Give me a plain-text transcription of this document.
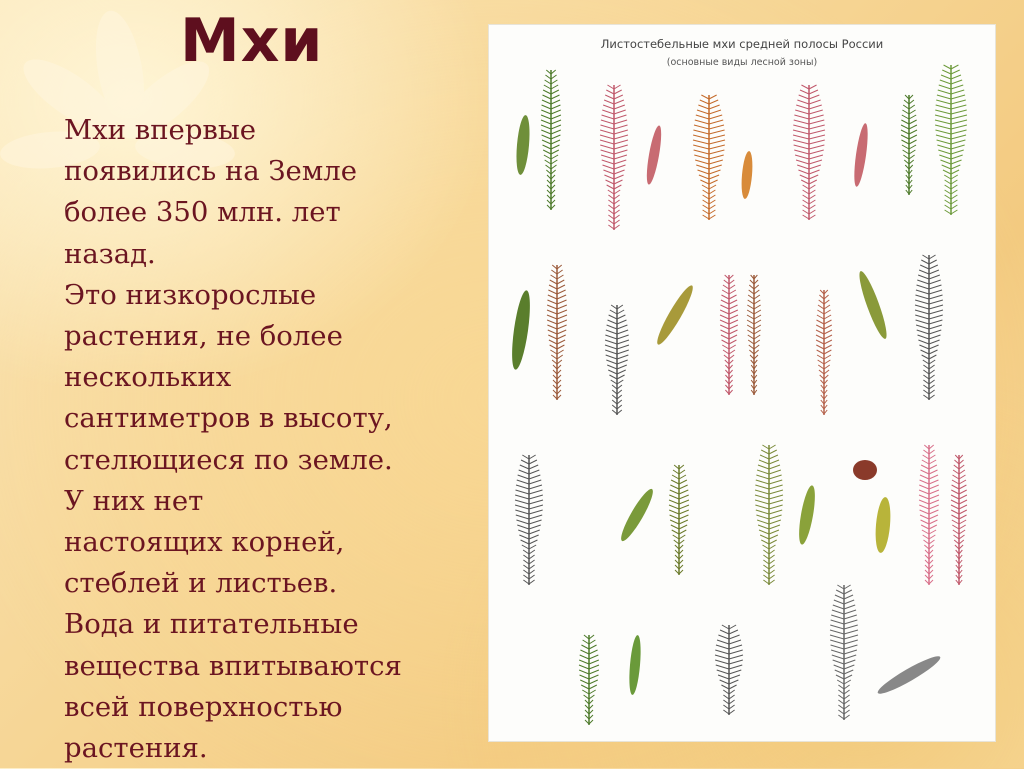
Мхи
Мхи впервые
появились на Земле
более 350 млн. лет
назад.
Это низкорослые
растения, не более
нескольких
сантиметров в высоту,
стелющиеся по земле.
У них нет
настоящих корней,
стеблей и листьев.
Вода и питательные
вещества впитываются
всей поверхностью
растения.
Листостебельные мхи средней полосы России
(основные виды лесной зоны)
